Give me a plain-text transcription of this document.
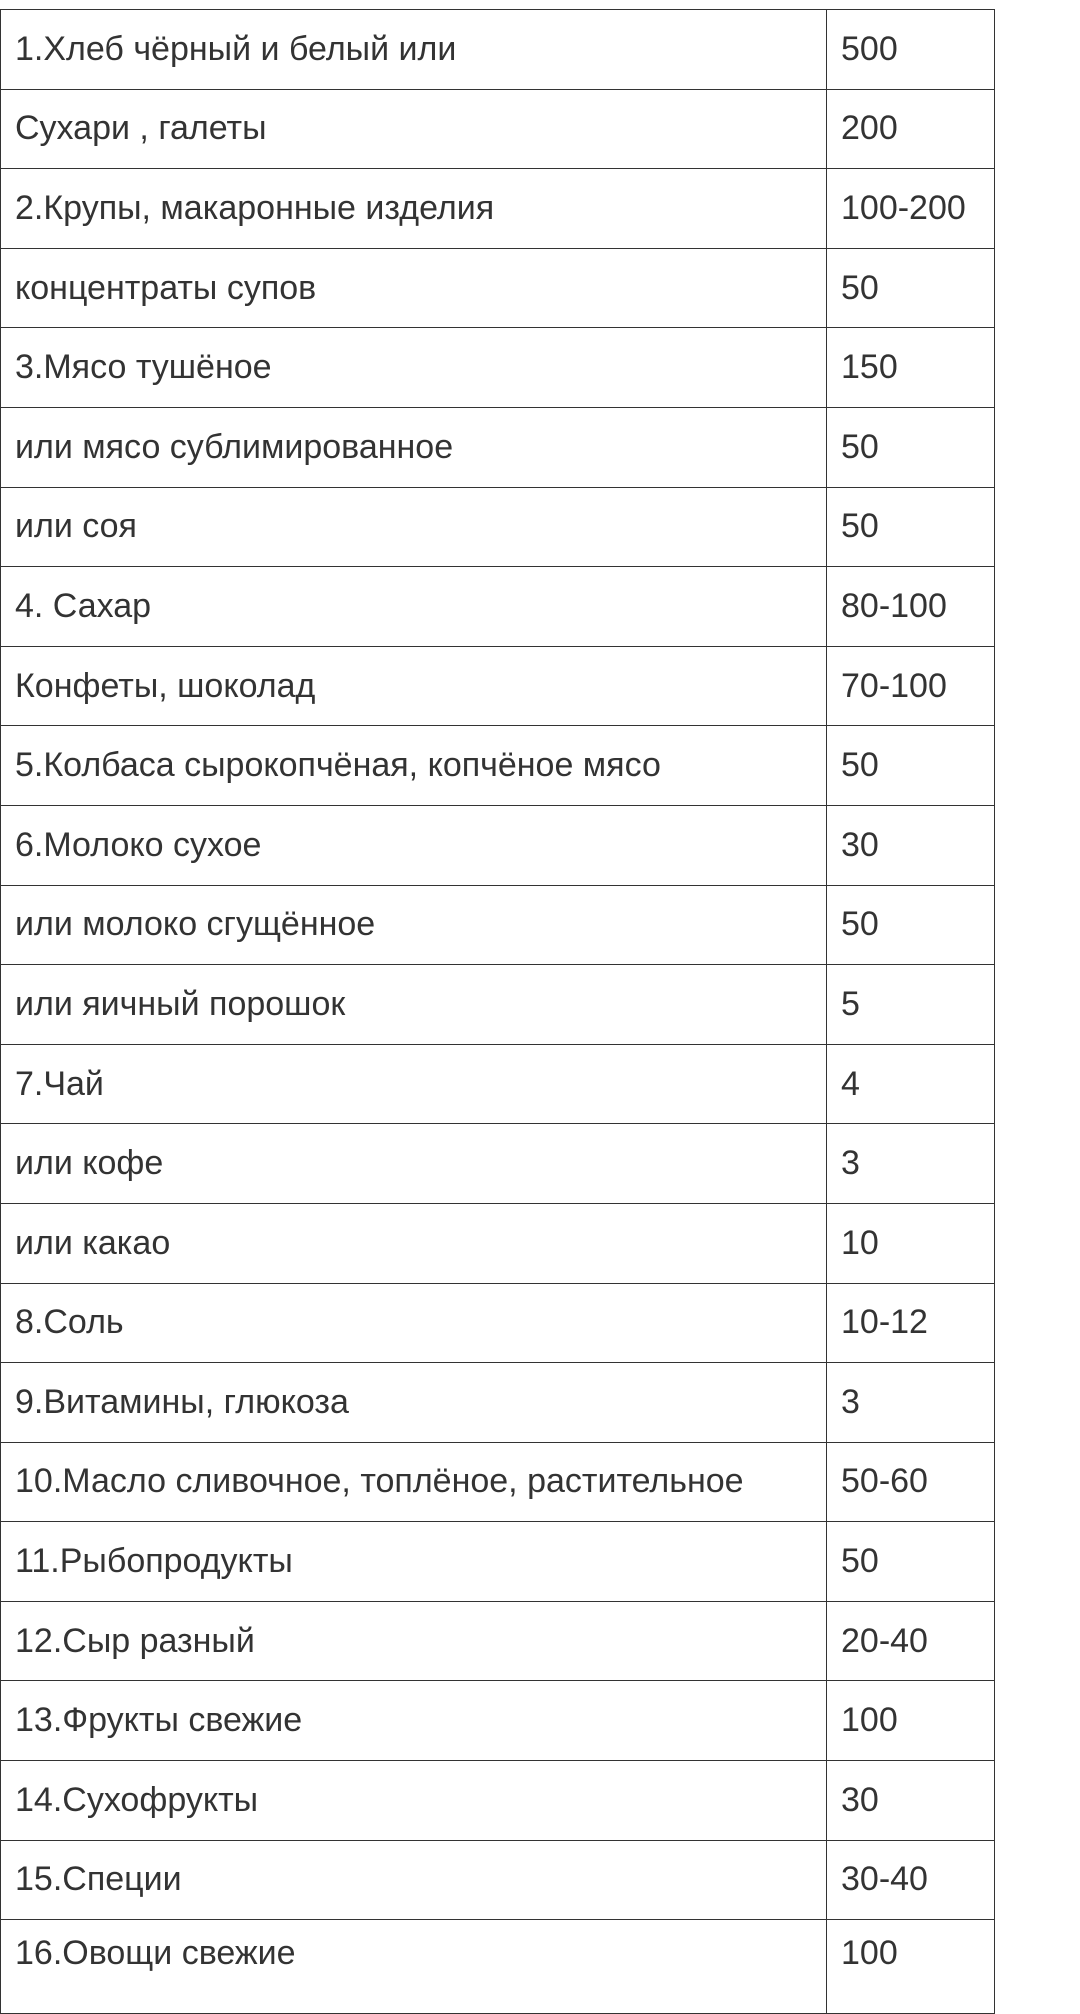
1.Хлеб чёрный и белый или	500
Сухари , галеты	200
2.Крупы, макаронные изделия	100-200
концентраты супов	50
3.Мясо тушёное	150
или мясо сублимированное	50
или соя	50
4. Сахар	80-100
Конфеты, шоколад	70-100
5.Колбаса сырокопчёная, копчёное мясо	50
6.Молоко сухое	30
или молоко сгущённое	50
или яичный порошок	5
7.Чай	4
или кофе	3
или какао	10
8.Соль	10-12
9.Витамины, глюкоза	3
10.Масло сливочное, топлёное, растительное	50-60
11.Рыбопродукты	50
12.Сыр разный	20-40
13.Фрукты свежие	100
14.Сухофрукты	30
15.Специи	30-40
16.Овощи свежие	100
